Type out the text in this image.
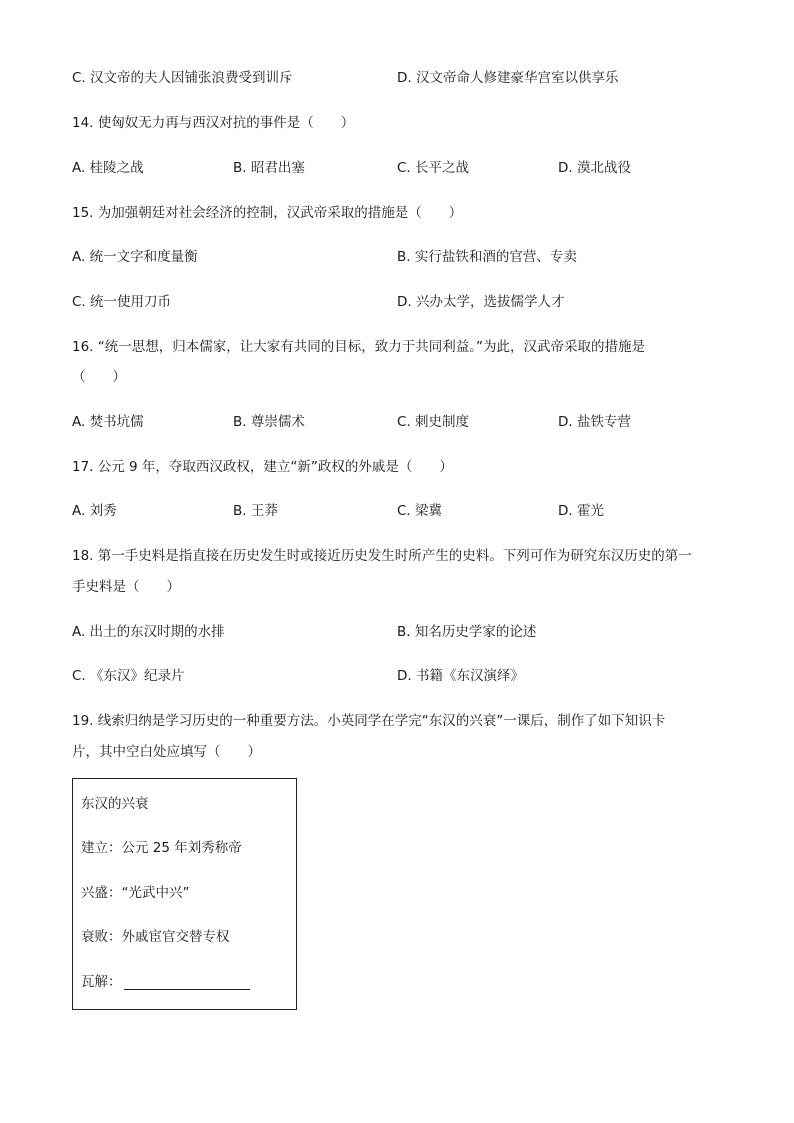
C. 汉文帝的夫人因铺张浪费受到训斥	D. 汉文帝命人修建豪华宫室以供享乐
14. 使匈奴无力再与西汉对抗的事件是（　　）
A. 桂陵之战	B. 昭君出塞	C. 长平之战	D. 漠北战役
15. 为加强朝廷对社会经济的控制，汉武帝采取的措施是（　　）
A. 统一文字和度量衡	B. 实行盐铁和酒的官营、专卖
C. 统一使用刀币	D. 兴办太学，选拔儒学人才
16. “统一思想，归本儒家，让大家有共同的目标，致力于共同利益。”为此，汉武帝采取的措施是
（　　）
A. 焚书坑儒	B. 尊崇儒术	C. 刺史制度	D. 盐铁专营
17. 公元 9 年，夺取西汉政权，建立“新”政权的外戚是（　　）
A. 刘秀	B. 王莽	C. 梁冀	D. 霍光
18. 第一手史料是指直接在历史发生时或接近历史发生时所产生的史料。下列可作为研究东汉历史的第一
手史料是（　　）
A. 出土的东汉时期的水排	B. 知名历史学家的论述
C. 《东汉》纪录片	D. 书籍《东汉演绎》
19. 线索归纳是学习历史的一种重要方法。小英同学在学完“东汉的兴衰”一课后，制作了如下知识卡
片，其中空白处应填写（　　）
东汉的兴衰
建立：公元 25 年刘秀称帝
兴盛：“光武中兴”
衰败：外戚宦官交替专权
瓦解：
